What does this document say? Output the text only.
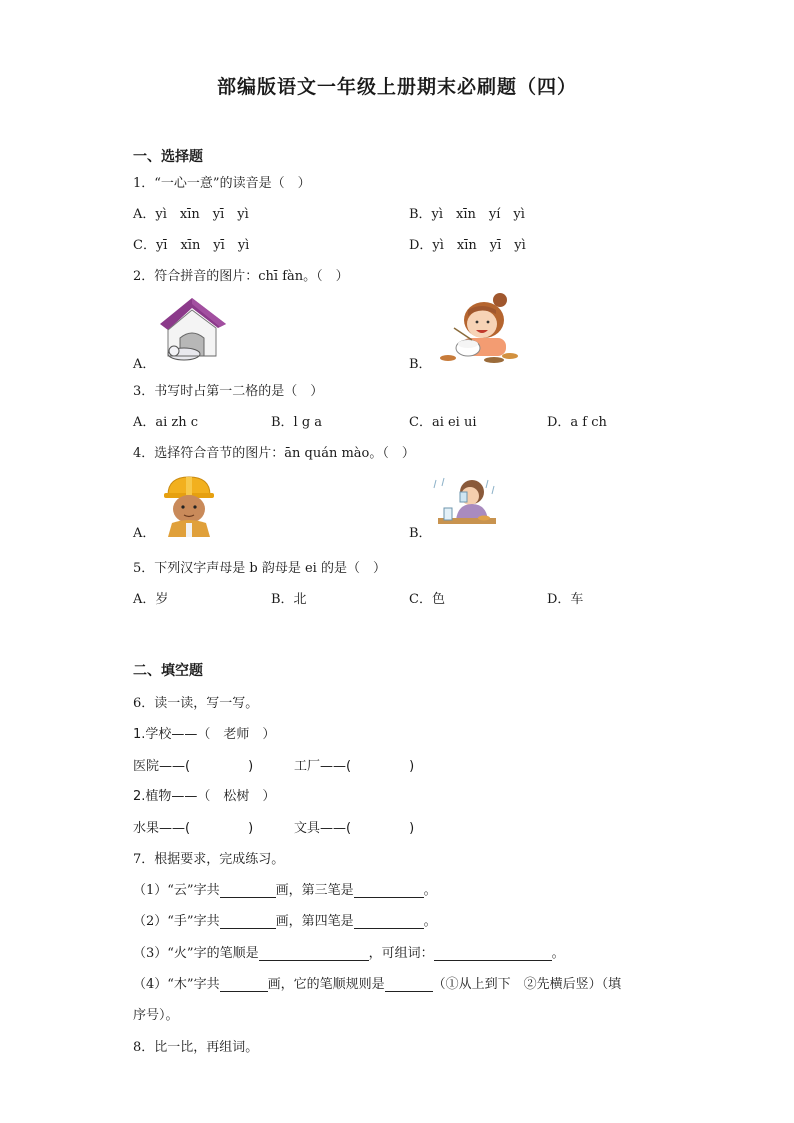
部编版语文一年级上册期末必刷题（四）
一、选择题
1．“一心一意”的读音是（　）
A．yì　xīn　yī　yì	B．yì　xīn　yí　yì
C．yī　xīn　yī　yì	D．yì　xīn　yī　yì
2．符合拼音的图片：chī fàn。（　）
A．	B．
3．书写时占第一二格的是（　）
A．ai zh c	B．l g a	C．ai ei ui	D．a f ch
4．选择符合音节的图片：ān quán mào。（　）
A．	B．
5．下列汉字声母是 b 韵母是 ei 的是（　）
A．岁	B．北	C．色	D．车
二、填空题
6．读一读，写一写。
1.学校——（　老师　）
医院——(	)	工厂——(	)
2.植物——（　松树　）
水果——(	)	文具——(	)
7．根据要求，完成练习。
（1）“云”字共	画，第三笔是	。
（2）“手”字共	画，第四笔是	。
（3）“火”字的笔顺是	，可组词：	。
（4）“木”字共	画，它的笔顺规则是	（①从上到下　②先横后竖）（填
序号）。
8．比一比，再组词。
